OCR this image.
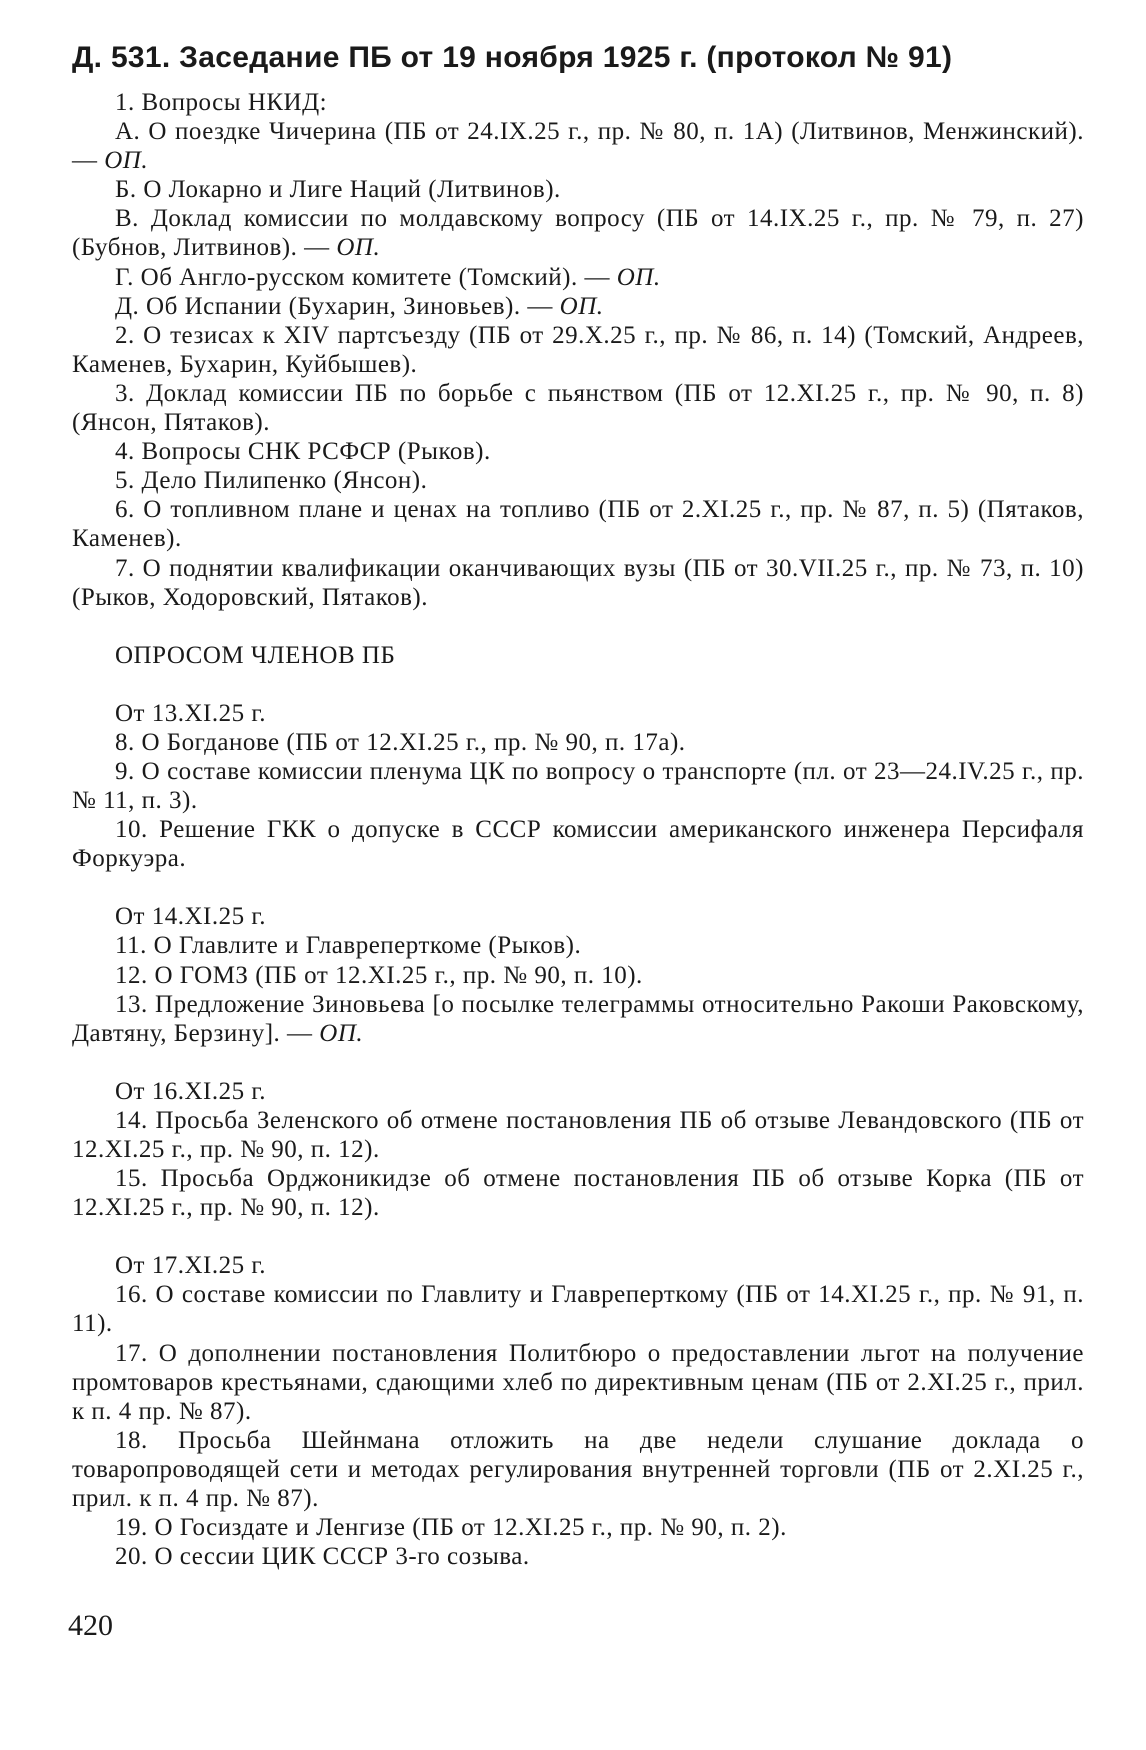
Д. 531. Заседание ПБ от 19 ноября 1925 г. (протокол № 91)

1. Вопросы НКИД:

А. О поездке Чичерина (ПБ от 24.IX.25 г., пр. № 80, п. 1А) (Литвинов, Менжинский). — ОП.

Б. О Локарно и Лиге Наций (Литвинов).

В. Доклад комиссии по молдавскому вопросу (ПБ от 14.IX.25 г., пр. № 79, п. 27) (Бубнов, Литвинов). — ОП.

Г. Об Англо-русском комитете (Томский). — ОП.

Д. Об Испании (Бухарин, Зиновьев). — ОП.

2. О тезисах к XIV партсъезду (ПБ от 29.X.25 г., пр. № 86, п. 14) (Томский, Андреев, Каменев, Бухарин, Куйбышев).

3. Доклад комиссии ПБ по борьбе с пьянством (ПБ от 12.XI.25 г., пр. № 90, п. 8) (Янсон, Пятаков).

4. Вопросы СНК РСФСР (Рыков).

5. Дело Пилипенко (Янсон).

6. О топливном плане и ценах на топливо (ПБ от 2.XI.25 г., пр. № 87, п. 5) (Пятаков, Каменев).

7. О поднятии квалификации оканчивающих вузы (ПБ от 30.VII.25 г., пр. № 73, п. 10) (Рыков, Ходоровский, Пятаков).

ОПРОСОМ ЧЛЕНОВ ПБ

От 13.XI.25 г.

8. О Богданове (ПБ от 12.XI.25 г., пр. № 90, п. 17а).

9. О составе комиссии пленума ЦК по вопросу о транспорте (пл. от 23—24.IV.25 г., пр. № 11, п. 3).

10. Решение ГКК о допуске в СССР комиссии американского инженера Персифаля Форкуэра.

От 14.XI.25 г.

11. О Главлите и Главреперткоме (Рыков).

12. О ГОМЗ (ПБ от 12.XI.25 г., пр. № 90, п. 10).

13. Предложение Зиновьева [о посылке телеграммы относительно Ракоши Раковскому, Давтяну, Берзину]. — ОП.

От 16.XI.25 г.

14. Просьба Зеленского об отмене постановления ПБ об отзыве Левандовского (ПБ от 12.XI.25 г., пр. № 90, п. 12).

15. Просьба Орджоникидзе об отмене постановления ПБ об отзыве Корка (ПБ от 12.XI.25 г., пр. № 90, п. 12).

От 17.XI.25 г.

16. О составе комиссии по Главлиту и Главреперткому (ПБ от 14.XI.25 г., пр. № 91, п. 11).

17. О дополнении постановления Политбюро о предоставлении льгот на получение промтоваров крестьянами, сдающими хлеб по директивным ценам (ПБ от 2.XI.25 г., прил. к п. 4 пр. № 87).

18. Просьба Шейнмана отложить на две недели слушание доклада о товаропроводящей сети и методах регулирования внутренней торговли (ПБ от 2.XI.25 г., прил. к п. 4 пр. № 87).

19. О Госиздате и Ленгизе (ПБ от 12.XI.25 г., пр. № 90, п. 2).

20. О сессии ЦИК СССР 3-го созыва.

420
